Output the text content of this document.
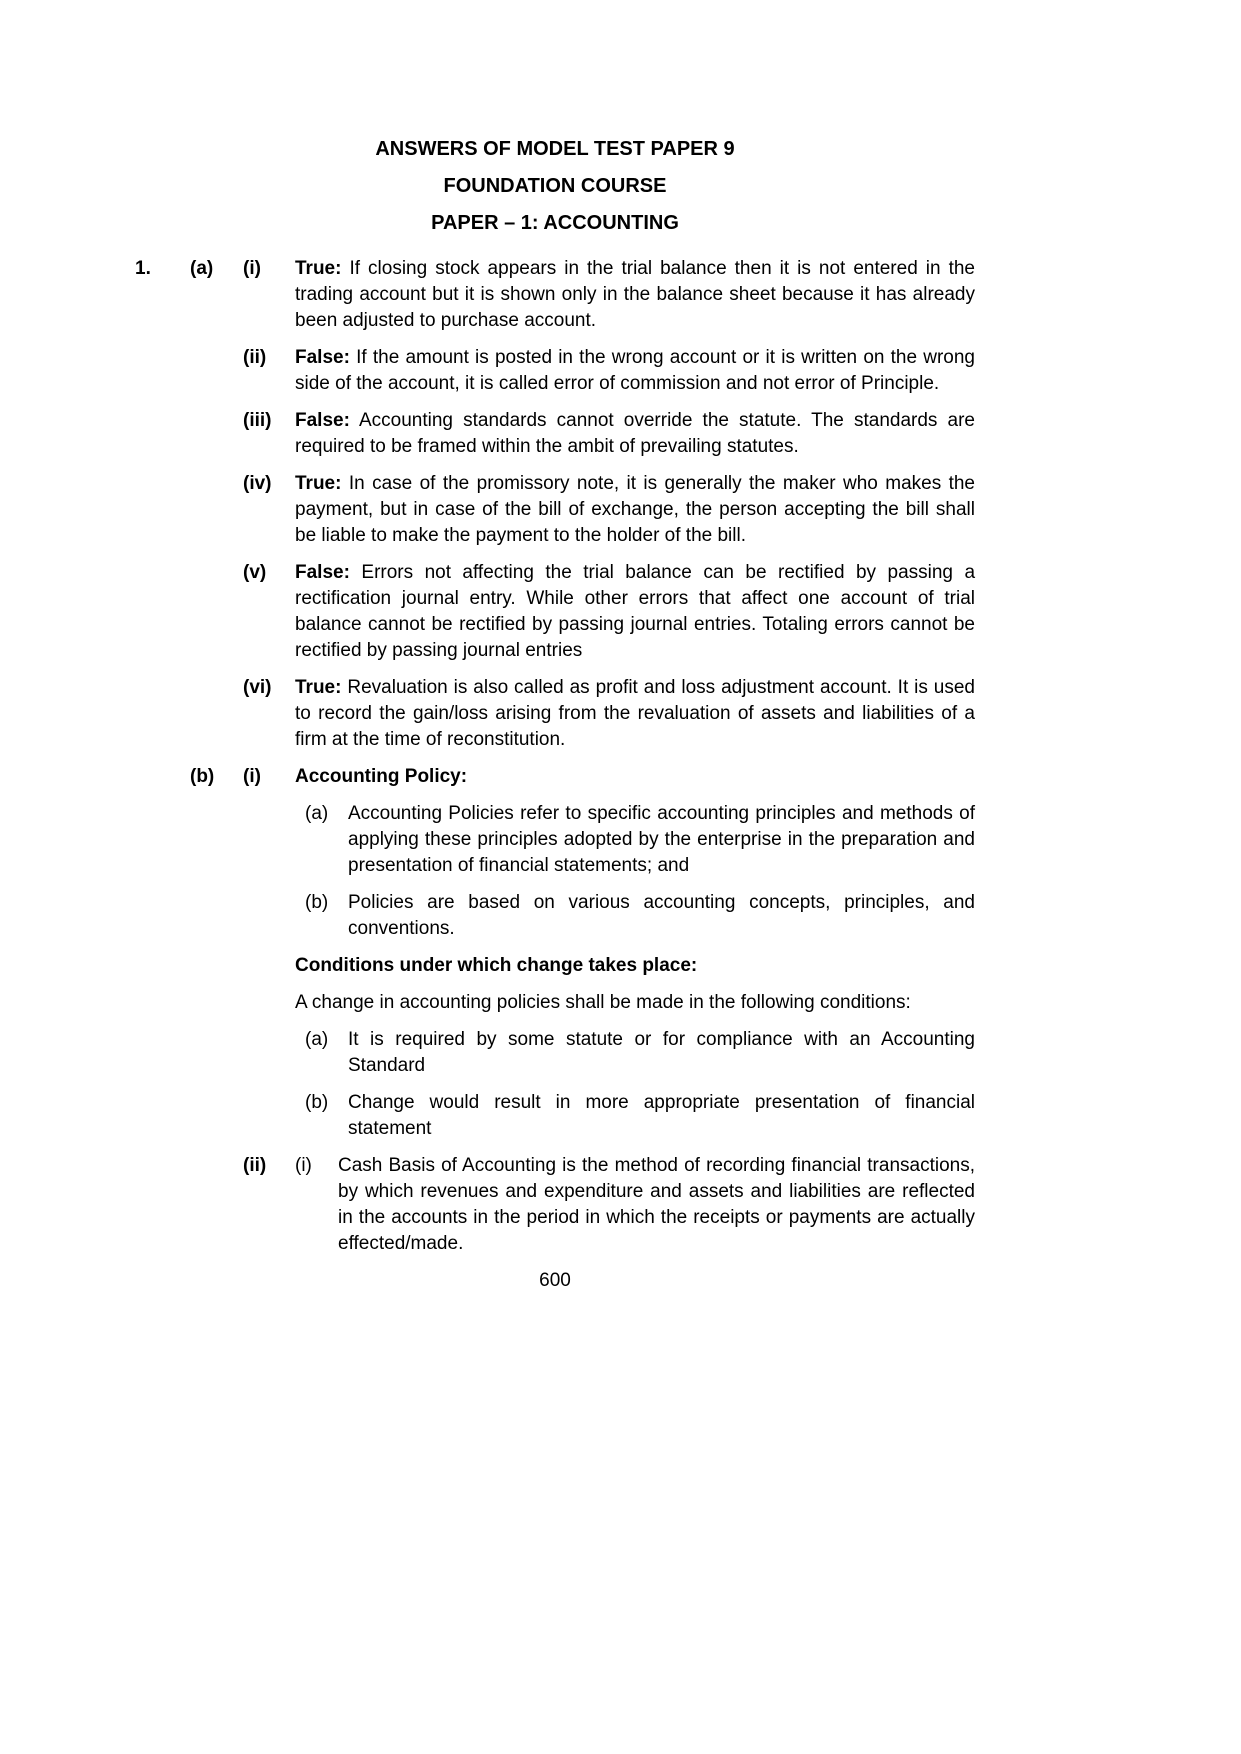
ANSWERS OF MODEL TEST PAPER 9
FOUNDATION COURSE
PAPER – 1: ACCOUNTING
1.	(a)	(i)	True: If closing stock appears in the trial balance then it is not entered in the trading account but it is shown only in the balance sheet because it has already been adjusted to purchase account.
(ii)	False: If the amount is posted in the wrong account or it is written on the wrong side of the account, it is called error of commission and not error of Principle.
(iii)	False: Accounting standards cannot override the statute. The standards are required to be framed within the ambit of prevailing statutes.
(iv)	True: In case of the promissory note, it is generally the maker who makes the payment, but in case of the bill of exchange, the person accepting the bill shall be liable to make the payment to the holder of the bill.
(v)	False: Errors not affecting the trial balance can be rectified by passing a rectification journal entry. While other errors that affect one account of trial balance cannot be rectified by passing journal entries. Totaling errors cannot be rectified by passing journal entries
(vi)	True: Revaluation is also called as profit and loss adjustment account. It is used to record the gain/loss arising from the revaluation of assets and liabilities of a firm at the time of reconstitution.
(b)	(i)	Accounting Policy:
(a)	Accounting Policies refer to specific accounting principles and methods of applying these principles adopted by the enterprise in the preparation and presentation of financial statements; and
(b)	Policies are based on various accounting concepts, principles, and conventions.
Conditions under which change takes place:
A change in accounting policies shall be made in the following conditions:
(a)	It is required by some statute or for compliance with an Accounting Standard
(b)	Change would result in more appropriate presentation of financial statement
(ii)	(i)	Cash Basis of Accounting is the method of recording financial transactions, by which revenues and expenditure and assets and liabilities are reflected in the accounts in the period in which the receipts or payments are actually effected/made.
600
